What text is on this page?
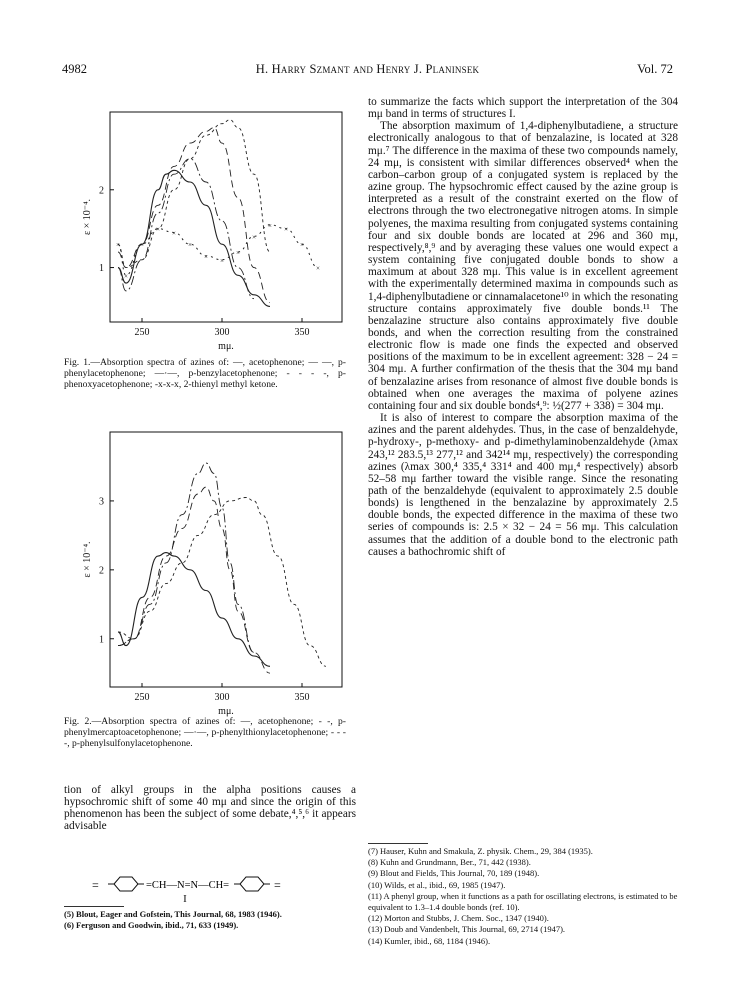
4982	H. Harry Szmant and Henry J. Planinsek	Vol. 72
250	300	350
1
2
mμ.
ε × 10⁻⁴.
×
×
×
× ×
×
× ×
×
×
× ×
×
×
Fig. 1.—Absorption spectra of azines of: —, acetophenone; — —, p-phenylacetophenone; —·—, p-benzylacetophenone; - - - -, p-phenoxyacetophenone; -x-x-x, 2-thienyl methyl ketone.
250	300	350
1
2
3
mμ.
ε × 10⁻⁴.
Fig. 2.—Absorption spectra of azines of: —, acetophenone; - -, p-phenylmercaptoacetophenone; —·—, p-phenylthionylacetophenone; - - - -, p-phenylsulfonylacetophenone.

tion of alkyl groups in the alpha positions causes a hypsochromic shift of some 40 mμ and since the origin of this phenomenon has been the subject of some debate,⁴,⁵,⁶ it appears advisable

=	=CH—N=N—CH=	=
I
(5) Blout, Eager and Gofstein, This Journal, 68, 1983 (1946).
(6) Ferguson and Goodwin, ibid., 71, 633 (1949).

to summarize the facts which support the interpretation of the 304 mμ band in terms of structures I.

The absorption maximum of 1,4-diphenylbutadiene, a structure electronically analogous to that of benzalazine, is located at 328 mμ.⁷ The difference in the maxima of these two compounds namely, 24 mμ, is consistent with similar differences observed⁴ when the carbon–carbon group of a conjugated system is replaced by the azine group. The hypsochromic effect caused by the azine group is interpreted as a result of the constraint exerted on the flow of electrons through the two electronegative nitrogen atoms. In simple polyenes, the maxima resulting from conjugated systems containing four and six double bonds are located at 296 and 360 mμ, respectively,⁸,⁹ and by averaging these values one would expect a system containing five conjugated double bonds to show a maximum at about 328 mμ. This value is in excellent agreement with the experimentally determined maxima in compounds such as 1,4-diphenylbutadiene or cinnamalacetone¹⁰ in which the resonating structure contains approximately five double bonds.¹¹ The benzalazine structure also contains approximately five double bonds, and when the correction resulting from the constrained electronic flow is made one finds the expected and observed positions of the maximum to be in excellent agreement: 328 − 24 = 304 mμ. A further confirmation of the thesis that the 304 mμ band of benzalazine arises from resonance of almost five double bonds is obtained when one averages the maxima of polyene azines containing four and six double bonds⁴,⁹: ½(277 + 338) = 304 mμ.

It is also of interest to compare the absorption maxima of the azines and the parent aldehydes. Thus, in the case of benzaldehyde, p-hydroxy-, p-methoxy- and p-dimethylaminobenzaldehyde (λmax 243,¹² 283.5,¹³ 277,¹² and 342¹⁴ mμ, respectively) the corresponding azines (λmax 300,⁴ 335,⁴ 331⁴ and 400 mμ,⁴ respectively) absorb 52–58 mμ farther toward the visible range. Since the resonating path of the benzaldehyde (equivalent to approximately 2.5 double bonds) is lengthened in the benzalazine by approximately 2.5 double bonds, the expected difference in the maxima of these two series of compounds is: 2.5 × 32 − 24 = 56 mμ. This calculation assumes that the addition of a double bond to the electronic path causes a bathochromic shift of

(7) Hauser, Kuhn and Smakula, Z. physik. Chem., 29, 384 (1935).
(8) Kuhn and Grundmann, Ber., 71, 442 (1938).
(9) Blout and Fields, This Journal, 70, 189 (1948).
(10) Wilds, et al., ibid., 69, 1985 (1947).
(11) A phenyl group, when it functions as a path for oscillating electrons, is estimated to be equivalent to 1.3–1.4 double bonds (ref. 10).
(12) Morton and Stubbs, J. Chem. Soc., 1347 (1940).
(13) Doub and Vandenbelt, This Journal, 69, 2714 (1947).
(14) Kumler, ibid., 68, 1184 (1946).
